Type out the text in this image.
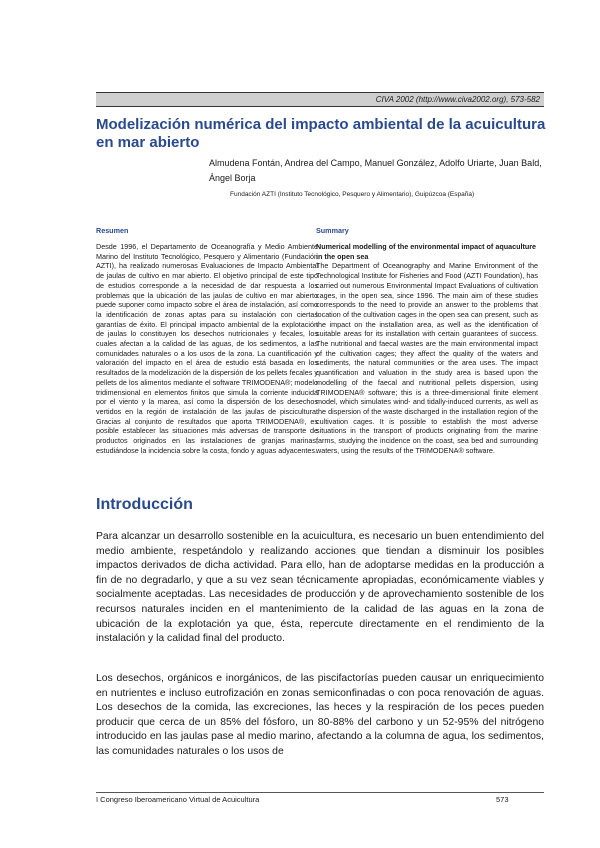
CIVA 2002 (http://www.civa2002.org), 573-582
Modelización numérica del impacto ambiental de la acuicultura en mar abierto
Almudena Fontán, Andrea del Campo, Manuel González, Adolfo Uriarte, Juan Bald, Ángel Borja
Fundación AZTI (Instituto Tecnológico, Pesquero y Alimentario), Guipúzcoa (España)
Resumen

Desde 1996, el Departamento de Oceanografía y Medio Ambiente Marino del Instituto Tecnológico, Pesquero y Alimentario (Fundación AZTI), ha realizado numerosas Evaluaciones de Impacto Ambiental de jaulas de cultivo en mar abierto. El objetivo principal de este tipo de estudios corresponde a la necesidad de dar respuesta a los problemas que la ubicación de las jaulas de cultivo en mar abierto puede suponer como impacto sobre el área de instalación, así como la identificación de zonas aptas para su instalación con ciertas garantías de éxito. El principal impacto ambiental de la explotación de jaulas lo constituyen los desechos nutricionales y fecales, los cuales afectan a la calidad de las aguas, de los sedimentos, a las comunidades naturales o a los usos de la zona. La cuantificación y valoración del impacto en el área de estudio está basada en los resultados de la modelización de la dispersión de los pellets fecales y pellets de los alimentos mediante el software TRIMODENA®; modelo tridimensional en elementos finitos que simula la corriente inducida por el viento y la marea, así como la dispersión de los desechos vertidos en la región de instalación de las jaulas de piscicultura. Gracias al conjunto de resultados que aporta TRIMODENA®, es posible establecer las situaciones más adversas de transporte de productos originados en las instalaciones de granjas marinas, estudiándose la incidencia sobre la costa, fondo y aguas adyacentes.

Summary

Numerical modelling of the environmental impact of aquaculture in the open sea

The Department of Oceanography and Marine Environment of the Technological Institute for Fisheries and Food (AZTI Foundation), has carried out numerous Environmental Impact Evaluations of cultivation cages, in the open sea, since 1996. The main aim of these studies corresponds to the need to provide an answer to the problems that location of the cultivation cages in the open sea can present, such as the impact on the installation area, as well as the identification of suitable areas for its installation with certain guarantees of success. The nutritional and faecal wastes are the main environmental impact of the cultivation cages; they affect the quality of the waters and sediments, the natural communities or the area uses. The impact quantification and valuation in the study area is based upon the modelling of the faecal and nutritional pellets dispersion, using TRIMODENA® software; this is a three-dimensional finite element model, which simulates wind- and tidally-induced currents, as well as the dispersion of the waste discharged in the installation region of the cultivation cages. It is possible to establish the most adverse situations in the transport of products originating from the marine farms, studying the incidence on the coast, sea bed and surrounding waters, using the results of the TRIMODENA® software.

Introducción

Para alcanzar un desarrollo sostenible en la acuicultura, es necesario un buen entendimiento del medio ambiente, respetándolo y realizando acciones que tiendan a disminuir los posibles impactos derivados de dicha actividad. Para ello, han de adoptarse medidas en la producción a fin de no degradarlo, y que a su vez sean técnicamente apropiadas, económicamente viables y socialmente aceptadas. Las necesidades de producción y de aprovechamiento sostenible de los recursos naturales inciden en el mantenimiento de la calidad de las aguas en la zona de ubicación de la explotación ya que, ésta, repercute directamente en el rendimiento de la instalación y la calidad final del producto.

Los desechos, orgánicos e inorgánicos, de las piscifactorías pueden causar un enriquecimiento en nutrientes e incluso eutrofización en zonas semiconfinadas o con poca renovación de aguas. Los desechos de la comida, las excreciones, las heces y la respiración de los peces pueden producir que cerca de un 85% del fósforo, un 80-88% del carbono y un 52-95% del nitrógeno introducido en las jaulas pase al medio marino, afectando a la columna de agua, los sedimentos, las comunidades naturales o los usos de

I Congreso Iberoamericano Virtual de Acuicultura	573
